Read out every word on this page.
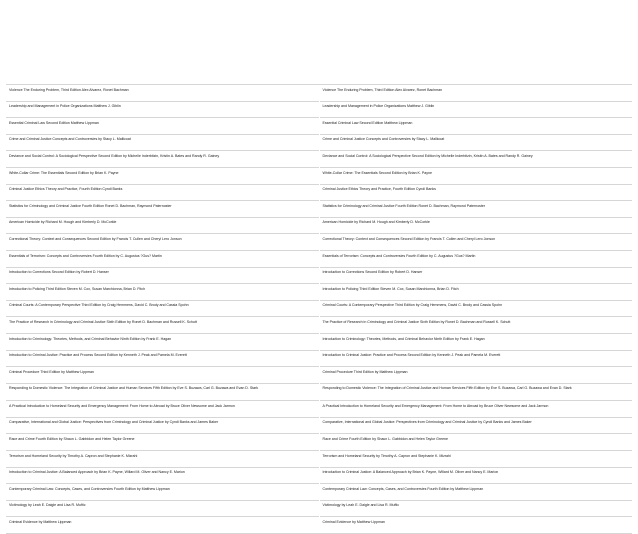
Violence The Enduring Problem, Third Edition Alex Alvarez, Ronet Bachman	Violence The Enduring Problem, Third Edition Alex Alvarez, Ronet Bachman

Leadership and Management in Police Organizations Matthew J. Giblin	Leadership and Management in Police Organizations Matthew J. Giblin

Essential Criminal Law Second Edition Matthew Lippman	Essential Criminal Law Second Edition Matthew Lippman

Crime and Criminal Justice Concepts and Controversies by Stacy L. Mallicoat	Crime and Criminal Justice Concepts and Controversies by Stacy L. Mallicoat

Deviance and Social Control: A Sociological Perspective Second Edition by Michelle Inderbitzin, Kristin A. Bates and Randy R. Gainey	Deviance and Social Control: A Sociological Perspective Second Edition by Michelle Inderbitzin, Kristin A. Bates and Randy R. Gainey

White-Collar Crime: The Essentials Second Edition by Brian K. Payne	White-Collar Crime: The Essentials Second Edition by Brian K. Payne

Criminal Justice Ethics Theory and Practice, Fourth Edition Cyndi Banks	Criminal Justice Ethics Theory and Practice, Fourth Edition Cyndi Banks

Statistics for Criminology and Criminal Justice Fourth Edition Ronet D. Bachman, Raymond Paternoster	Statistics for Criminology and Criminal Justice Fourth Edition Ronet D. Bachman, Raymond Paternoster

American Homicide by Richard M. Hough and Kimberly D. McCorkle	American Homicide by Richard M. Hough and Kimberly D. McCorkle

Correctional Theory: Context and Consequences Second Edition by Francis T. Cullen and Cheryl Lero Jonson	Correctional Theory: Context and Consequences Second Edition by Francis T. Cullen and Cheryl Lero Jonson

Essentials of Terrorism: Concepts and Controversies Fourth Edition by C. Augustus ?Gus? Martin	Essentials of Terrorism: Concepts and Controversies Fourth Edition by C. Augustus ?Gus? Martin

Introduction to Corrections Second Edition by Robert D. Hanser	Introduction to Corrections Second Edition by Robert D. Hanser

Introduction to Policing Third Edition Steven M. Cox, Susan Marchionna, Brian D. Fitch	Introduction to Policing Third Edition Steven M. Cox, Susan Marchionna, Brian D. Fitch

Criminal Courts: A Contemporary Perspective Third Edition by Craig Hemmens, David C. Brody and Cassia Spohn	Criminal Courts: A Contemporary Perspective Third Edition by Craig Hemmens, David C. Brody and Cassia Spohn

The Practice of Research in Criminology and Criminal Justice Sixth Edition by Ronet D. Bachman and Russell K. Schutt	The Practice of Research in Criminology and Criminal Justice Sixth Edition by Ronet D. Bachman and Russell K. Schutt

Introduction to Criminology: Theories, Methods, and Criminal Behavior Ninth Edition by Frank E. Hagan	Introduction to Criminology: Theories, Methods, and Criminal Behavior Ninth Edition by Frank E. Hagan

Introduction to Criminal Justice: Practice and Process Second Edition by Kenneth J. Peak and Pamela M. Everett	Introduction to Criminal Justice: Practice and Process Second Edition by Kenneth J. Peak and Pamela M. Everett

Criminal Procedure Third Edition by Matthew Lippman	Criminal Procedure Third Edition by Matthew Lippman

Responding to Domestic Violence: The Integration of Criminal Justice and Human Services Fifth Edition by Eve S. Buzawa, Carl G. Buzawa and Evan D. Stark	Responding to Domestic Violence: The Integration of Criminal Justice and Human Services Fifth Edition by Eve S. Buzawa, Carl G. Buzawa and Evan D. Stark

A Practical Introduction to Homeland Security and Emergency Management: From Home to Abroad by Bruce Oliver Newsome and Jack Jarmon	A Practical Introduction to Homeland Security and Emergency Management: From Home to Abroad by Bruce Oliver Newsome and Jack Jarmon

Comparative, International and Global Justice: Perspectives from Criminology and Criminal Justice by Cyndi Banks and James Baker	Comparative, International and Global Justice: Perspectives from Criminology and Criminal Justice by Cyndi Banks and James Baker

Race and Crime Fourth Edition by Shaun L. Gabbidon and Helen Taylor Greene	Race and Crime Fourth Edition by Shaun L. Gabbidon and Helen Taylor Greene

Terrorism and Homeland Security by Timothy A. Capron and Stephanie K. Mizrahi	Terrorism and Homeland Security by Timothy A. Capron and Stephanie K. Mizrahi

Introduction to Criminal Justice: A Balanced Approach by Brian K. Payne, Willard M. Oliver and Nancy E. Marion	Introduction to Criminal Justice: A Balanced Approach by Brian K. Payne, Willard M. Oliver and Nancy E. Marion

Contemporary Criminal Law: Concepts, Cases, and Controversies Fourth Edition by Matthew Lippman	Contemporary Criminal Law: Concepts, Cases, and Controversies Fourth Edition by Matthew Lippman

Victimology by Leah E. Daigle and Lisa R. Muftic	Victimology by Leah E. Daigle and Lisa R. Muftic

Criminal Evidence by Matthew Lippman	Criminal Evidence by Matthew Lippman
